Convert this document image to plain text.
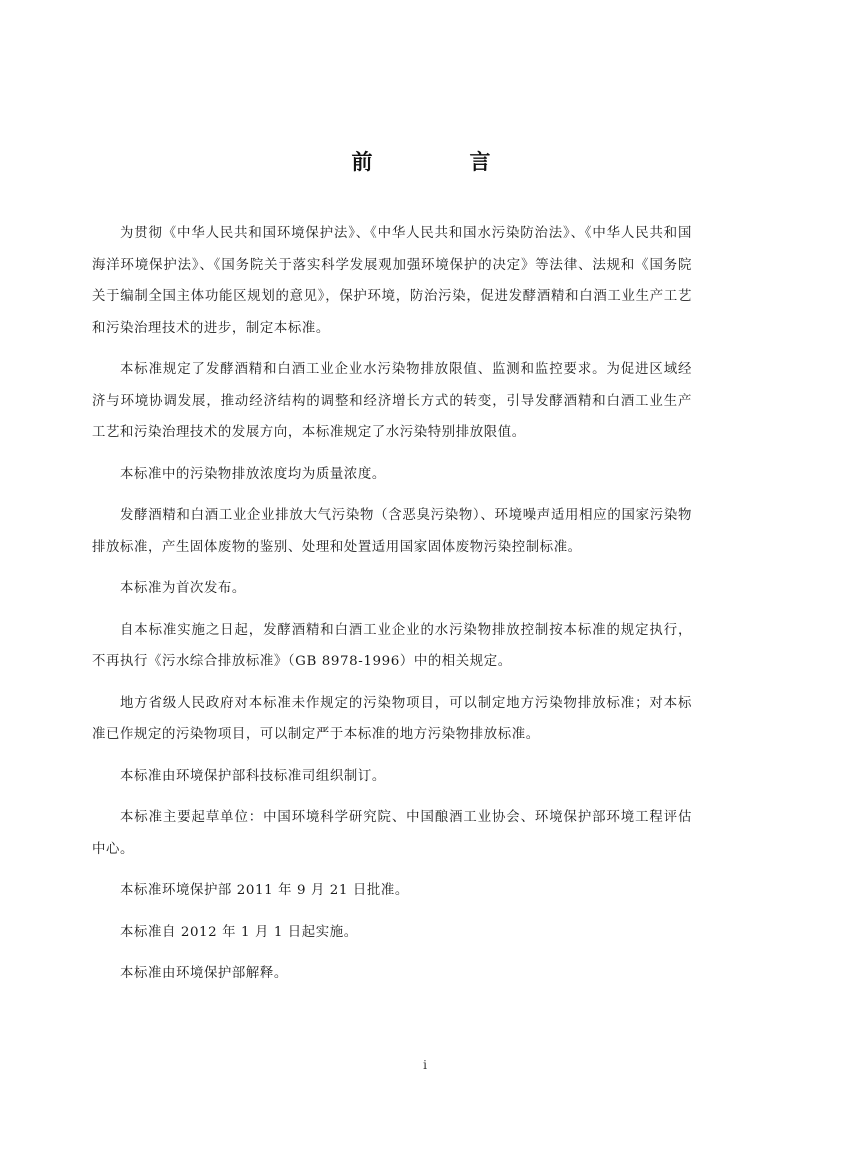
前　言

为贯彻《中华人民共和国环境保护法》、《中华人民共和国水污染防治法》、《中华人民共和国海洋环境保护法》、《国务院关于落实科学发展观加强环境保护的决定》等法律、法规和《国务院关于编制全国主体功能区规划的意见》，保护环境，防治污染，促进发酵酒精和白酒工业生产工艺和污染治理技术的进步，制定本标准。

本标准规定了发酵酒精和白酒工业企业水污染物排放限值、监测和监控要求。为促进区域经济与环境协调发展，推动经济结构的调整和经济增长方式的转变，引导发酵酒精和白酒工业生产工艺和污染治理技术的发展方向，本标准规定了水污染特别排放限值。

本标准中的污染物排放浓度均为质量浓度。

发酵酒精和白酒工业企业排放大气污染物（含恶臭污染物）、环境噪声适用相应的国家污染物排放标准，产生固体废物的鉴别、处理和处置适用国家固体废物污染控制标准。

本标准为首次发布。

自本标准实施之日起，发酵酒精和白酒工业企业的水污染物排放控制按本标准的规定执行，不再执行《污水综合排放标准》（GB 8978-1996）中的相关规定。

地方省级人民政府对本标准未作规定的污染物项目，可以制定地方污染物排放标准；对本标准已作规定的污染物项目，可以制定严于本标准的地方污染物排放标准。

本标准由环境保护部科技标准司组织制订。

本标准主要起草单位：中国环境科学研究院、中国酿酒工业协会、环境保护部环境工程评估中心。

本标准环境保护部 2011 年 9 月 21 日批准。

本标准自 2012 年 1 月 1 日起实施。

本标准由环境保护部解释。

i
